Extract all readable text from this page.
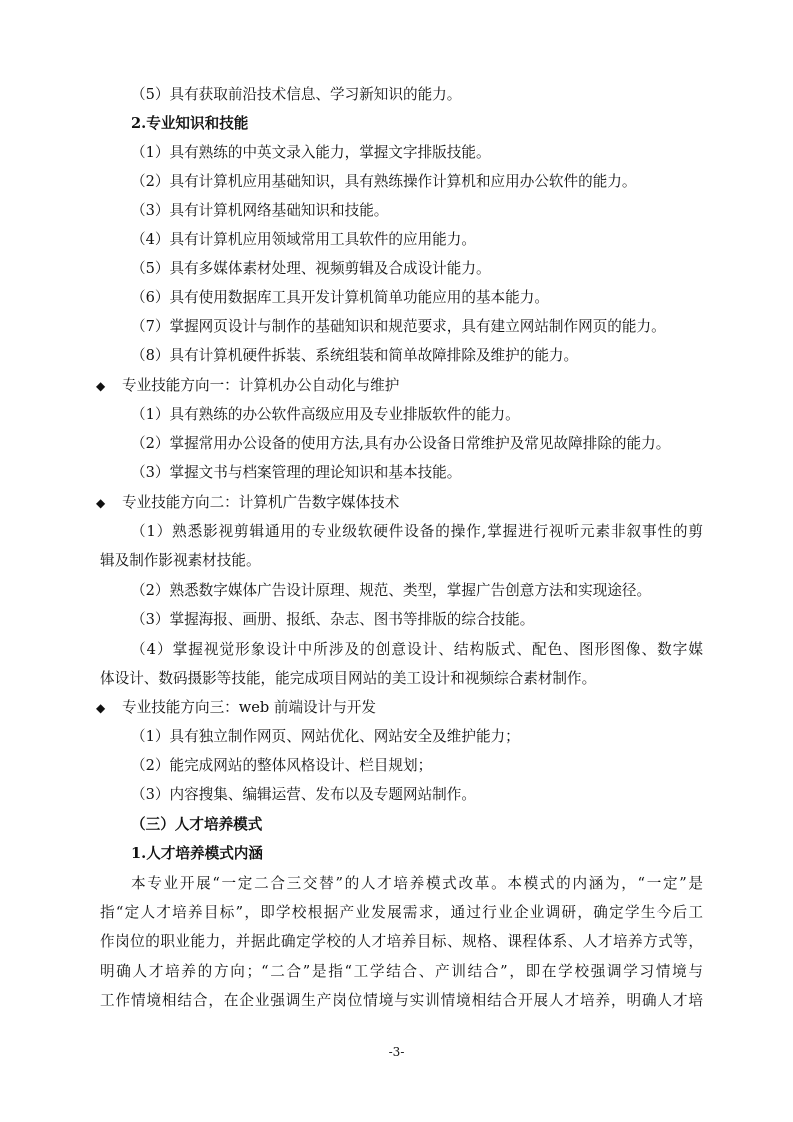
（5）具有获取前沿技术信息、学习新知识的能力。
2.专业知识和技能
（1）具有熟练的中英文录入能力，掌握文字排版技能。
（2）具有计算机应用基础知识，具有熟练操作计算机和应用办公软件的能力。
（3）具有计算机网络基础知识和技能。
（4）具有计算机应用领域常用工具软件的应用能力。
（5）具有多媒体素材处理、视频剪辑及合成设计能力。
（6）具有使用数据库工具开发计算机简单功能应用的基本能力。
（7）掌握网页设计与制作的基础知识和规范要求，具有建立网站制作网页的能力。
（8）具有计算机硬件拆装、系统组装和简单故障排除及维护的能力。
◆ 专业技能方向一：计算机办公自动化与维护
（1）具有熟练的办公软件高级应用及专业排版软件的能力。
（2）掌握常用办公设备的使用方法,具有办公设备日常维护及常见故障排除的能力。
（3）掌握文书与档案管理的理论知识和基本技能。
◆ 专业技能方向二：计算机广告数字媒体技术
（1）熟悉影视剪辑通用的专业级软硬件设备的操作,掌握进行视听元素非叙事性的剪
辑及制作影视素材技能。
（2）熟悉数字媒体广告设计原理、规范、类型，掌握广告创意方法和实现途径。
（3）掌握海报、画册、报纸、杂志、图书等排版的综合技能。
（4）掌握视觉形象设计中所涉及的创意设计、结构版式、配色、图形图像、数字媒
体设计、数码摄影等技能，能完成项目网站的美工设计和视频综合素材制作。
◆ 专业技能方向三：web 前端设计与开发
（1）具有独立制作网页、网站优化、网站安全及维护能力；
（2）能完成网站的整体风格设计、栏目规划；
（3）内容搜集、编辑运营、发布以及专题网站制作。
（三）人才培养模式
1.人才培养模式内涵
本专业开展“一定二合三交替”的人才培养模式改革。本模式的内涵为，“一定”是
指“定人才培养目标”，即学校根据产业发展需求，通过行业企业调研，确定学生今后工
作岗位的职业能力，并据此确定学校的人才培养目标、规格、课程体系、人才培养方式等，
明确人才培养的方向；“二合”是指“工学结合、产训结合”，即在学校强调学习情境与
工作情境相结合，在企业强调生产岗位情境与实训情境相结合开展人才培养，明确人才培
-3-
